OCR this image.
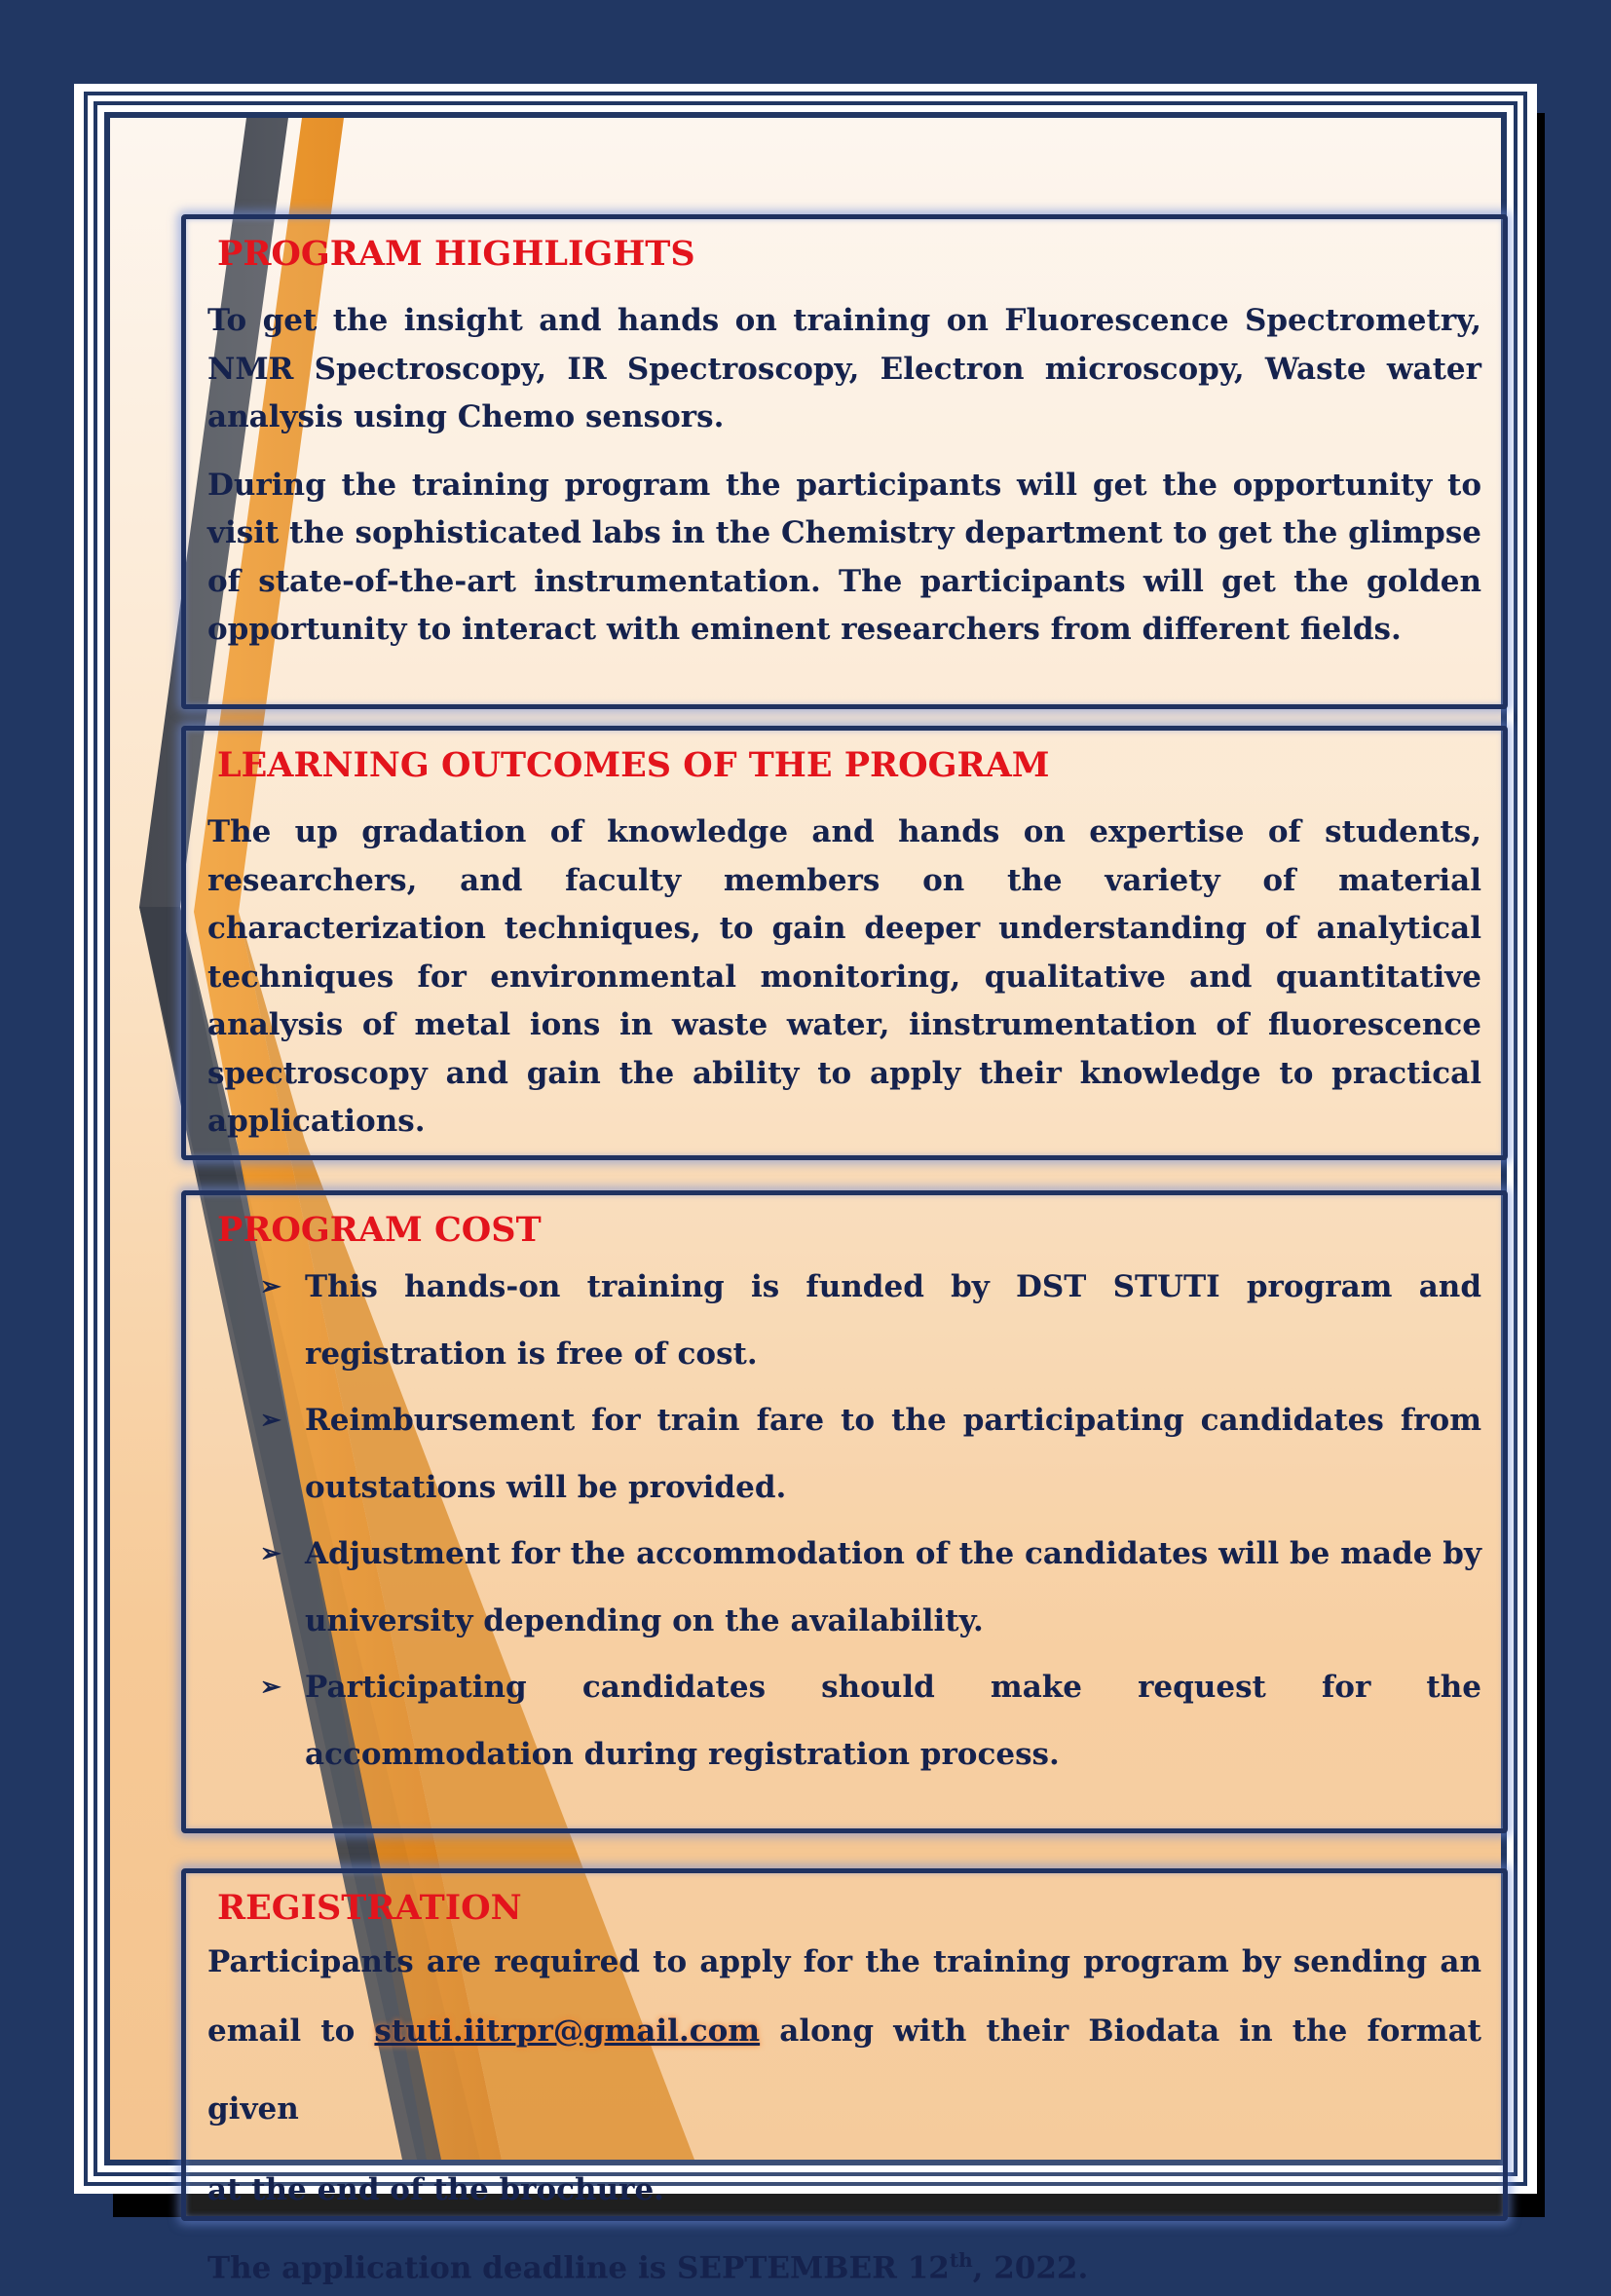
PROGRAM HIGHLIGHTS

To get the insight and hands on training on Fluorescence Spectrometry, NMR Spectroscopy, IR Spectroscopy, Electron microscopy, Waste water analysis using Chemo sensors.

During the training program the participants will get the opportunity to visit the sophisticated labs in the Chemistry department to get the glimpse of state-of-the-art instrumentation. The participants will get the golden opportunity to interact with eminent researchers from different fields.

LEARNING OUTCOMES OF THE PROGRAM

The up gradation of knowledge and hands on expertise of students, researchers, and faculty members on the variety of material characterization techniques, to gain deeper understanding of analytical techniques for environmental monitoring, qualitative and quantitative analysis of metal ions in waste water, iinstrumentation of fluorescence spectroscopy and gain the ability to apply their knowledge to practical applications.

PROGRAM COST
➢ This hands-on training is funded by DST STUTI program and registration is free of cost.
➢ Reimbursement for train fare to the participating candidates from outstations will be provided.
➢ Adjustment for the accommodation of the candidates will be made by university depending on the availability.
➢ Participating candidates should make request for the accommodation during registration process.
REGISTRATION

Participants are required to apply for the training program by sending an

email to stuti.iitrpr@gmail.com along with their Biodata in the format given

at the end of the brochure.

The application deadline is SEPTEMBER 12th, 2022.
